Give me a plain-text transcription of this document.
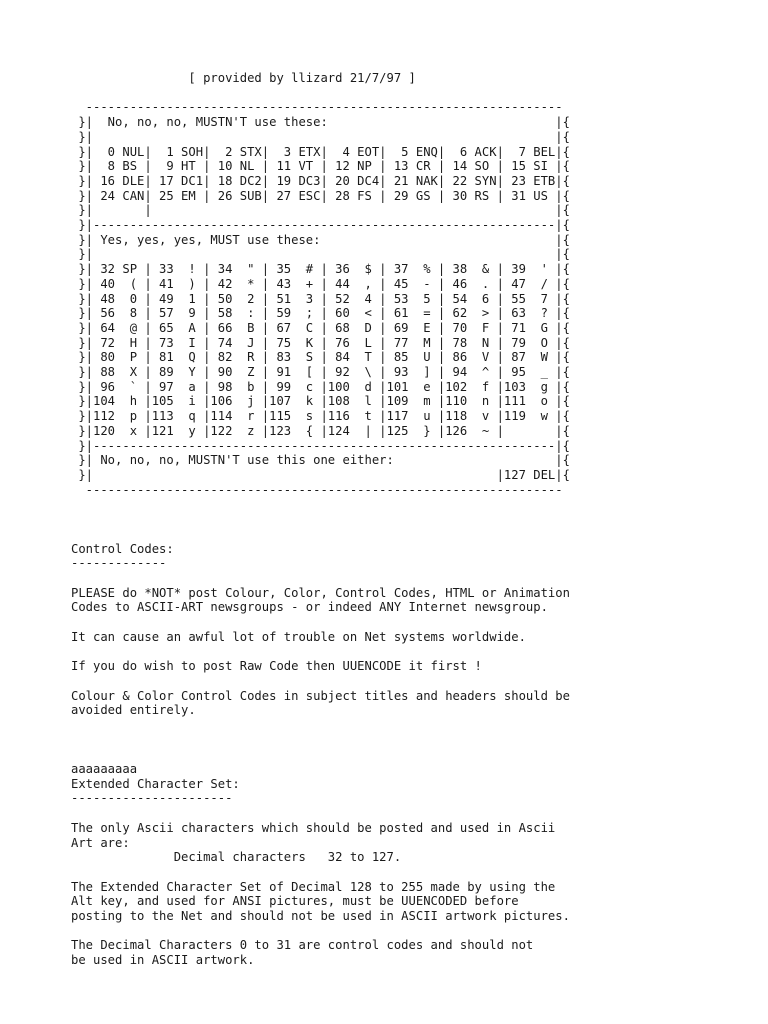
[ provided by llizard 21/7/97 ]

-----------------------------------------------------------------
}|  No, no, no, MUSTN'T use these:                               |{
}|                                                               |{
}|  0 NUL|  1 SOH|  2 STX|  3 ETX|  4 EOT|  5 ENQ|  6 ACK|  7 BEL|{
}|  8 BS |  9 HT | 10 NL | 11 VT | 12 NP | 13 CR | 14 SO | 15 SI |{
}| 16 DLE| 17 DC1| 18 DC2| 19 DC3| 20 DC4| 21 NAK| 22 SYN| 23 ETB|{
}| 24 CAN| 25 EM | 26 SUB| 27 ESC| 28 FS | 29 GS | 30 RS | 31 US |{
}|       |                                                       |{
}|---------------------------------------------------------------|{
}| Yes, yes, yes, MUST use these:                                |{
}|                                                               |{
}| 32 SP | 33  ! | 34  " | 35  # | 36  $ | 37  % | 38  & | 39  ' |{
}| 40  ( | 41  ) | 42  * | 43  + | 44  , | 45  - | 46  . | 47  / |{
}| 48  0 | 49  1 | 50  2 | 51  3 | 52  4 | 53  5 | 54  6 | 55  7 |{
}| 56  8 | 57  9 | 58  : | 59  ; | 60  < | 61  = | 62  > | 63  ? |{
}| 64  @ | 65  A | 66  B | 67  C | 68  D | 69  E | 70  F | 71  G |{
}| 72  H | 73  I | 74  J | 75  K | 76  L | 77  M | 78  N | 79  O |{
}| 80  P | 81  Q | 82  R | 83  S | 84  T | 85  U | 86  V | 87  W |{
}| 88  X | 89  Y | 90  Z | 91  [ | 92  \ | 93  ] | 94  ^ | 95  _ |{
}| 96  ` | 97  a | 98  b | 99  c |100  d |101  e |102  f |103  g |{
}|104  h |105  i |106  j |107  k |108  l |109  m |110  n |111  o |{
}|112  p |113  q |114  r |115  s |116  t |117  u |118  v |119  w |{
}|120  x |121  y |122  z |123  { |124  | |125  } |126  ~ |       |{
}|---------------------------------------------------------------|{
}| No, no, no, MUSTN'T use this one either:                      |{
}|                                                       |127 DEL|{
-----------------------------------------------------------------

Control Codes:
-------------

PLEASE do *NOT* post Colour, Color, Control Codes, HTML or Animation
Codes to ASCII-ART newsgroups - or indeed ANY Internet newsgroup.

It can cause an awful lot of trouble on Net systems worldwide.

If you do wish to post Raw Code then UUENCODE it first !

Colour & Color Control Codes in subject titles and headers should be
avoided entirely.

aaaaaaaaa
Extended Character Set:
----------------------

The only Ascii characters which should be posted and used in Ascii
Art are:
Decimal characters   32 to 127.

The Extended Character Set of Decimal 128 to 255 made by using the
Alt key, and used for ANSI pictures, must be UUENCODED before
posting to the Net and should not be used in ASCII artwork pictures.

The Decimal Characters 0 to 31 are control codes and should not
be used in ASCII artwork.
